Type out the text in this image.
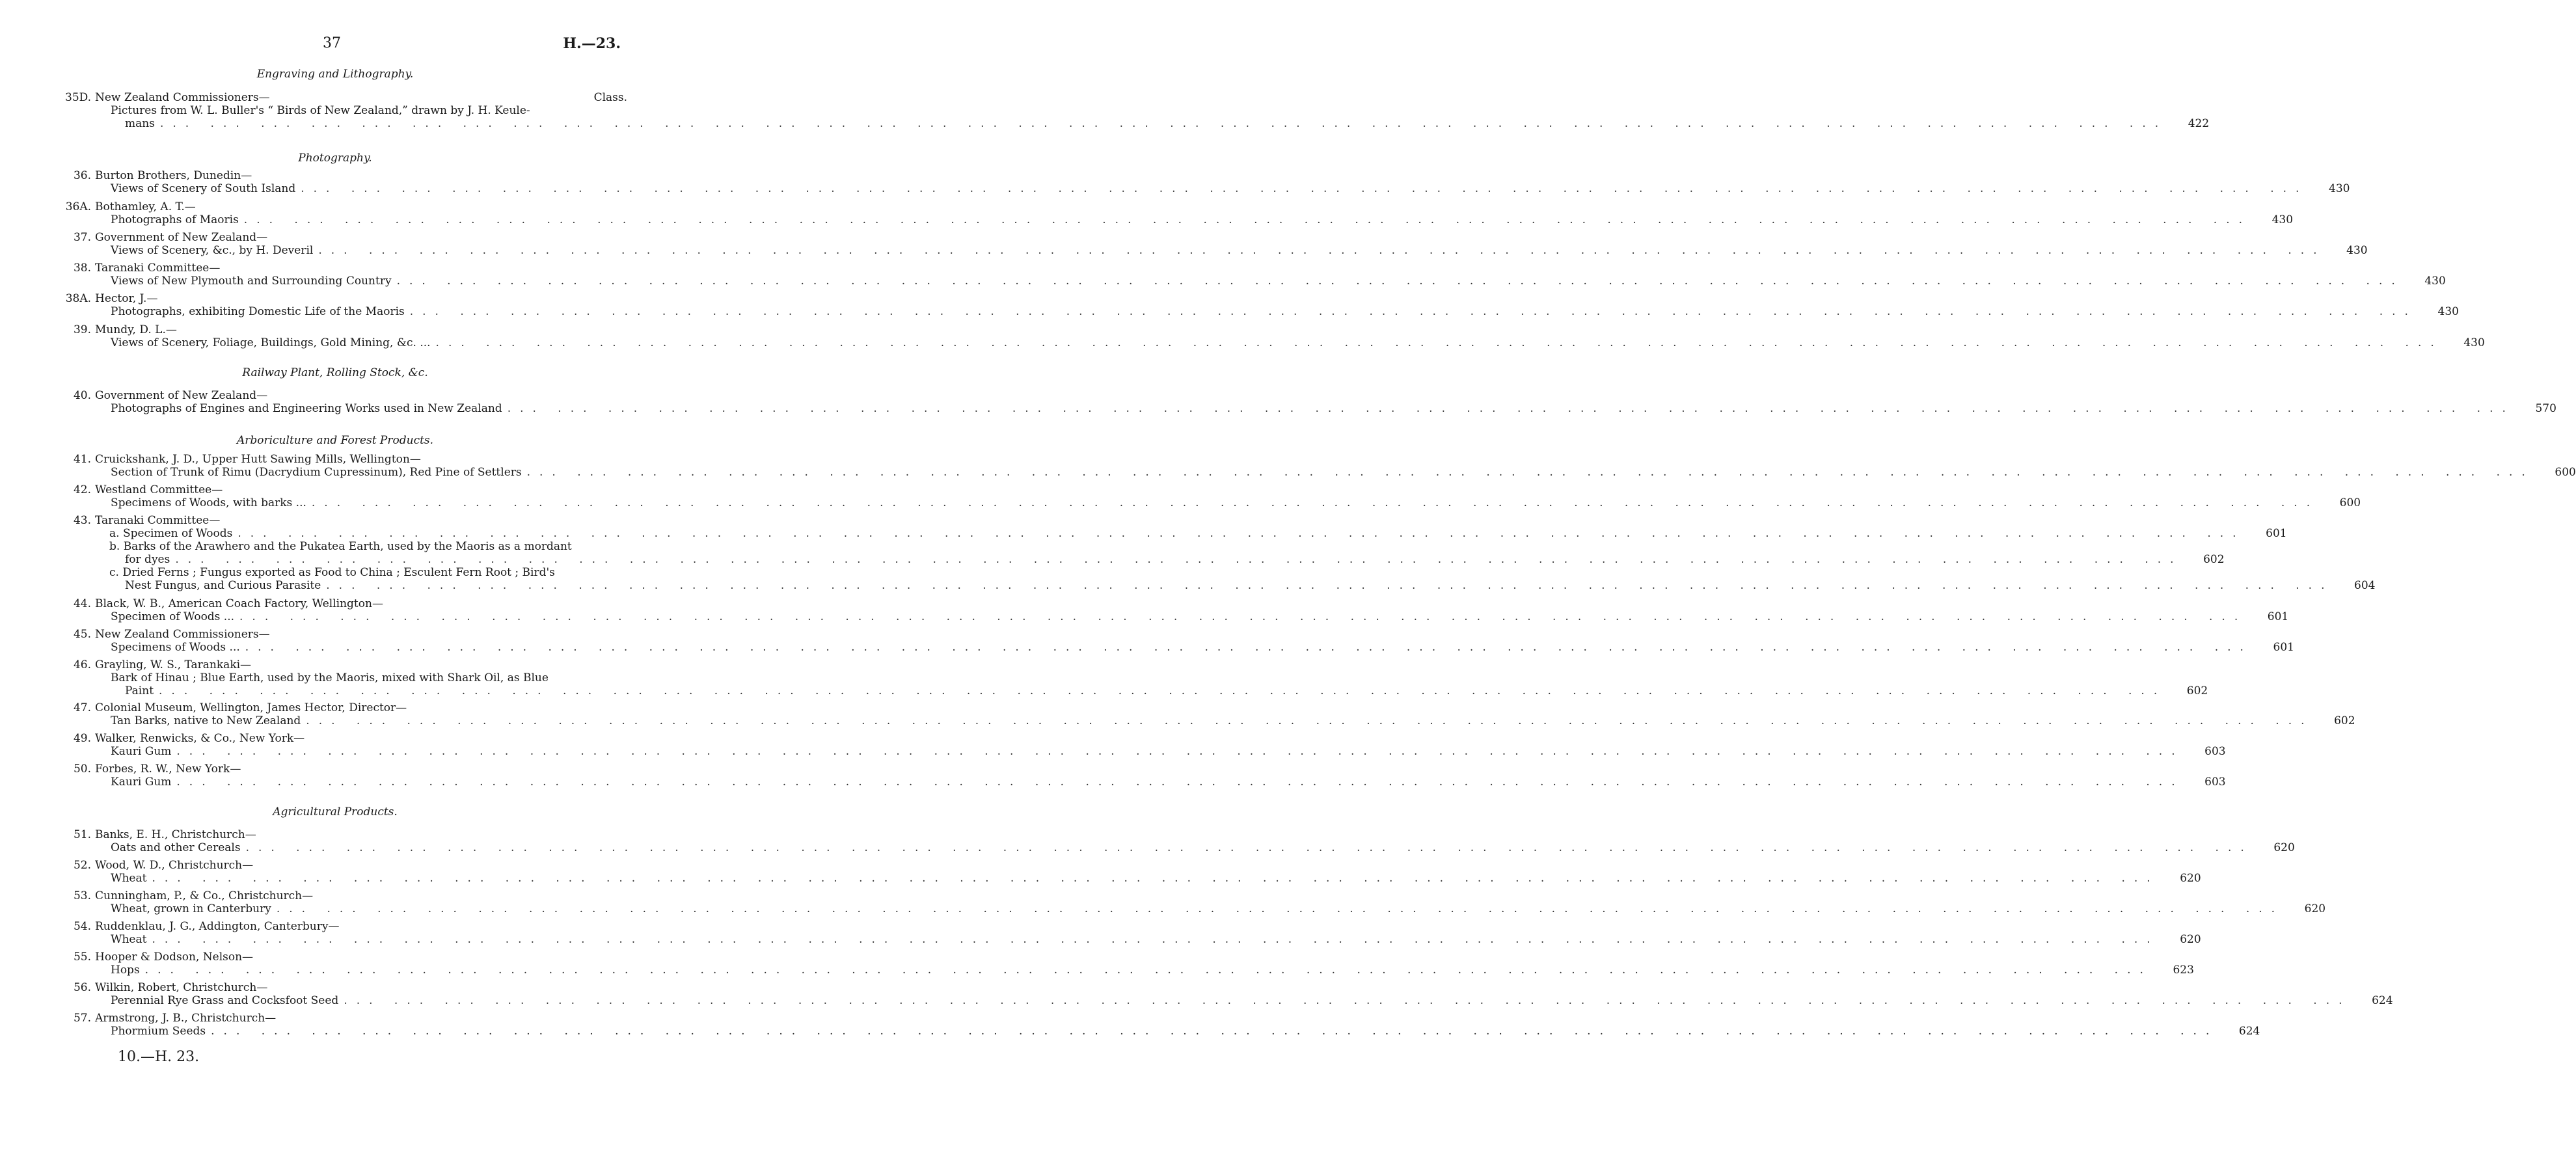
37	H.—23.
Class.
Engraving and Lithography.
35D. New Zealand Commissioners—
Pictures from W. L. Buller's “ Birds of New Zealand,” drawn by J. H. Keule-
mans ... ... ... ... ... ... ... ... ... ... ... ... ... ... ... ... ... ... ... ... ... ... ... ... ... ... ... ... ... ... ... ... ... ... ... ... ... ... ... ...	422
Photography.
36. Burton Brothers, Dunedin—
Views of Scenery of South Island ... ... ... ... ... ... ... ... ... ... ... ... ... ... ... ... ... ... ... ... ... ... ... ... ... ... ... ... ... ... ... ... ... ... ... ... ... ... ... ...	430
36A. Bothamley, A. T.—
Photographs of Maoris ... ... ... ... ... ... ... ... ... ... ... ... ... ... ... ... ... ... ... ... ... ... ... ... ... ... ... ... ... ... ... ... ... ... ... ... ... ... ... ...	430
37. Government of New Zealand—
Views of Scenery, &c., by H. Deveril ... ... ... ... ... ... ... ... ... ... ... ... ... ... ... ... ... ... ... ... ... ... ... ... ... ... ... ... ... ... ... ... ... ... ... ... ... ... ... ...	430
38. Taranaki Committee—
Views of New Plymouth and Surrounding Country ... ... ... ... ... ... ... ... ... ... ... ... ... ... ... ... ... ... ... ... ... ... ... ... ... ... ... ... ... ... ... ... ... ... ... ... ... ... ... ...	430
38A. Hector, J.—
Photographs, exhibiting Domestic Life of the Maoris ... ... ... ... ... ... ... ... ... ... ... ... ... ... ... ... ... ... ... ... ... ... ... ... ... ... ... ... ... ... ... ... ... ... ... ... ... ... ... ...	430
39. Mundy, D. L.—
Views of Scenery, Foliage, Buildings, Gold Mining, &c. ... ... ... ... ... ... ... ... ... ... ... ... ... ... ... ... ... ... ... ... ... ... ... ... ... ... ... ... ... ... ... ... ... ... ... ... ... ... ... ... ...	430
Railway Plant, Rolling Stock, &c.
40. Government of New Zealand—
Photographs of Engines and Engineering Works used in New Zealand ... ... ... ... ... ... ... ... ... ... ... ... ... ... ... ... ... ... ... ... ... ... ... ... ... ... ... ... ... ... ... ... ... ... ... ... ... ... ... ...	570
Arboriculture and Forest Products.
41. Cruickshank, J. D., Upper Hutt Sawing Mills, Wellington—
Section of Trunk of Rimu (Dacrydium Cupressinum), Red Pine of Settlers ... ... ... ... ... ... ... ... ... ... ... ... ... ... ... ... ... ... ... ... ... ... ... ... ... ... ... ... ... ... ... ... ... ... ... ... ... ... ... ...	600
42. Westland Committee—
Specimens of Woods, with barks ... ... ... ... ... ... ... ... ... ... ... ... ... ... ... ... ... ... ... ... ... ... ... ... ... ... ... ... ... ... ... ... ... ... ... ... ... ... ... ... ...	600
43. Taranaki Committee—
a. Specimen of Woods ... ... ... ... ... ... ... ... ... ... ... ... ... ... ... ... ... ... ... ... ... ... ... ... ... ... ... ... ... ... ... ... ... ... ... ... ... ... ... ...	601
b. Barks of the Arawhero and the Pukatea Earth, used by the Maoris as a mordant
for dyes ... ... ... ... ... ... ... ... ... ... ... ... ... ... ... ... ... ... ... ... ... ... ... ... ... ... ... ... ... ... ... ... ... ... ... ... ... ... ... ...	602
c. Dried Ferns ; Fungus exported as Food to China ; Esculent Fern Root ; Bird's
Nest Fungus, and Curious Parasite ... ... ... ... ... ... ... ... ... ... ... ... ... ... ... ... ... ... ... ... ... ... ... ... ... ... ... ... ... ... ... ... ... ... ... ... ... ... ... ...	604
44. Black, W. B., American Coach Factory, Wellington—
Specimen of Woods ... ... ... ... ... ... ... ... ... ... ... ... ... ... ... ... ... ... ... ... ... ... ... ... ... ... ... ... ... ... ... ... ... ... ... ... ... ... ... ... ...	601
45. New Zealand Commissioners—
Specimens of Woods ... ... ... ... ... ... ... ... ... ... ... ... ... ... ... ... ... ... ... ... ... ... ... ... ... ... ... ... ... ... ... ... ... ... ... ... ... ... ... ... ...	601
46. Grayling, W. S., Tarankaki—
Bark of Hinau ; Blue Earth, used by the Maoris, mixed with Shark Oil, as Blue
Paint ... ... ... ... ... ... ... ... ... ... ... ... ... ... ... ... ... ... ... ... ... ... ... ... ... ... ... ... ... ... ... ... ... ... ... ... ... ... ... ...	602
47. Colonial Museum, Wellington, James Hector, Director—
Tan Barks, native to New Zealand ... ... ... ... ... ... ... ... ... ... ... ... ... ... ... ... ... ... ... ... ... ... ... ... ... ... ... ... ... ... ... ... ... ... ... ... ... ... ... ...	602
49. Walker, Renwicks, & Co., New York—
Kauri Gum ... ... ... ... ... ... ... ... ... ... ... ... ... ... ... ... ... ... ... ... ... ... ... ... ... ... ... ... ... ... ... ... ... ... ... ... ... ... ... ...	603
50. Forbes, R. W., New York—
Kauri Gum ... ... ... ... ... ... ... ... ... ... ... ... ... ... ... ... ... ... ... ... ... ... ... ... ... ... ... ... ... ... ... ... ... ... ... ... ... ... ... ...	603
Agricultural Products.
51. Banks, E. H., Christchurch—
Oats and other Cereals ... ... ... ... ... ... ... ... ... ... ... ... ... ... ... ... ... ... ... ... ... ... ... ... ... ... ... ... ... ... ... ... ... ... ... ... ... ... ... ...	620
52. Wood, W. D., Christchurch—
Wheat ... ... ... ... ... ... ... ... ... ... ... ... ... ... ... ... ... ... ... ... ... ... ... ... ... ... ... ... ... ... ... ... ... ... ... ... ... ... ... ...	620
53. Cunningham, P., & Co., Christchurch—
Wheat, grown in Canterbury ... ... ... ... ... ... ... ... ... ... ... ... ... ... ... ... ... ... ... ... ... ... ... ... ... ... ... ... ... ... ... ... ... ... ... ... ... ... ... ...	620
54. Ruddenklau, J. G., Addington, Canterbury—
Wheat ... ... ... ... ... ... ... ... ... ... ... ... ... ... ... ... ... ... ... ... ... ... ... ... ... ... ... ... ... ... ... ... ... ... ... ... ... ... ... ...	620
55. Hooper & Dodson, Nelson—
Hops ... ... ... ... ... ... ... ... ... ... ... ... ... ... ... ... ... ... ... ... ... ... ... ... ... ... ... ... ... ... ... ... ... ... ... ... ... ... ... ...	623
56. Wilkin, Robert, Christchurch—
Perennial Rye Grass and Cocksfoot Seed ... ... ... ... ... ... ... ... ... ... ... ... ... ... ... ... ... ... ... ... ... ... ... ... ... ... ... ... ... ... ... ... ... ... ... ... ... ... ... ...	624
57. Armstrong, J. B., Christchurch—
Phormium Seeds ... ... ... ... ... ... ... ... ... ... ... ... ... ... ... ... ... ... ... ... ... ... ... ... ... ... ... ... ... ... ... ... ... ... ... ... ... ... ... ...	624
10.—H. 23.
